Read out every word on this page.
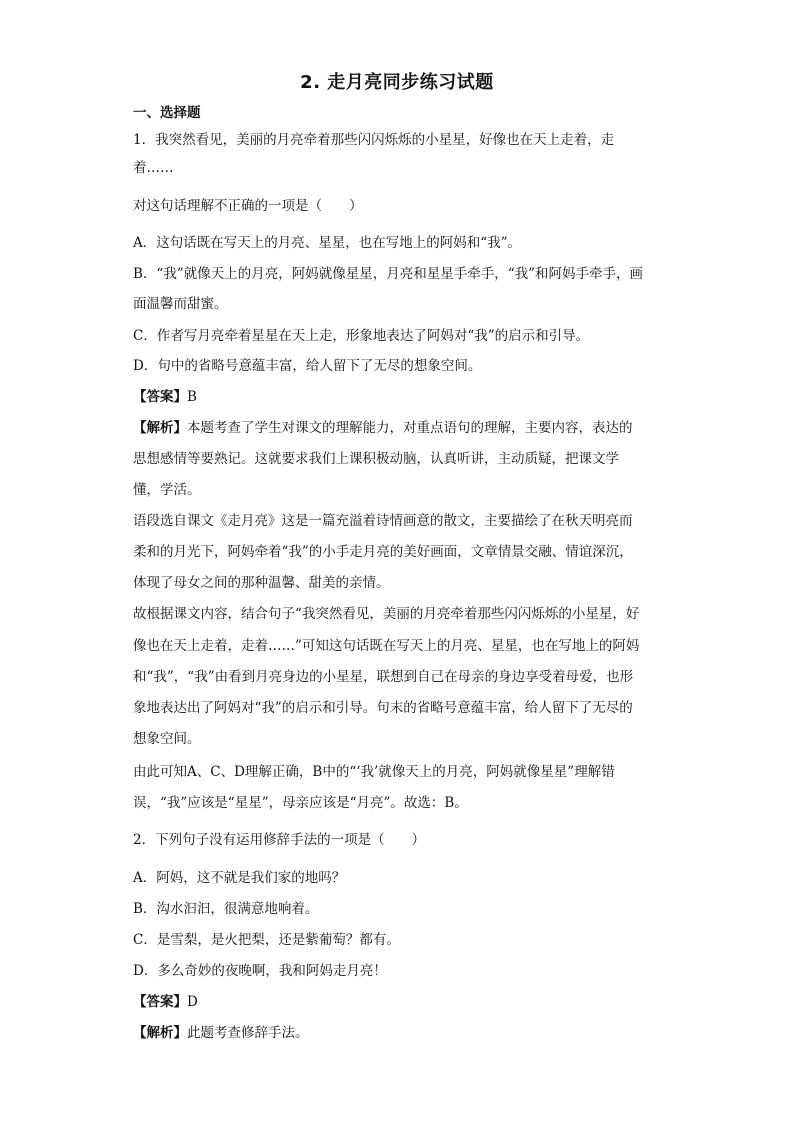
2. 走月亮同步练习试题
一、选择题
1．我突然看见，美丽的月亮牵着那些闪闪烁烁的小星星，好像也在天上走着，走
着……
对这句话理解不正确的一项是（　　）
A．这句话既在写天上的月亮、星星，也在写地上的阿妈和“我”。
B．“我”就像天上的月亮，阿妈就像星星，月亮和星星手牵手，“我”和阿妈手牵手，画
面温馨而甜蜜。
C．作者写月亮牵着星星在天上走，形象地表达了阿妈对“我”的启示和引导。
D．句中的省略号意蕴丰富，给人留下了无尽的想象空间。
【答案】B
【解析】本题考查了学生对课文的理解能力，对重点语句的理解，主要内容，表达的
思想感情等要熟记。这就要求我们上课积极动脑，认真听讲，主动质疑，把课文学
懂，学活。
语段选自课文《走月亮》这是一篇充溢着诗情画意的散文，主要描绘了在秋天明亮而
柔和的月光下，阿妈牵着“我”的小手走月亮的美好画面，文章情景交融、情谊深沉，
体现了母女之间的那种温馨、甜美的亲情。
故根据课文内容，结合句子“我突然看见，美丽的月亮牵着那些闪闪烁烁的小星星，好
像也在天上走着，走着……”可知这句话既在写天上的月亮、星星，也在写地上的阿妈
和“我”，“我”由看到月亮身边的小星星，联想到自己在母亲的身边享受着母爱，也形
象地表达出了阿妈对“我”的启示和引导。句末的省略号意蕴丰富，给人留下了无尽的
想象空间。
由此可知A、C、D理解正确，B中的“‘我’就像天上的月亮，阿妈就像星星”理解错
误，“我”应该是“星星”，母亲应该是“月亮”。故选：B。
2．下列句子没有运用修辞手法的一项是（　　）
A．阿妈，这不就是我们家的地吗？
B．沟水汩汩，很满意地响着。
C．是雪梨，是火把梨，还是紫葡萄？都有。
D．多么奇妙的夜晚啊，我和阿妈走月亮！
【答案】D
【解析】此题考查修辞手法。
